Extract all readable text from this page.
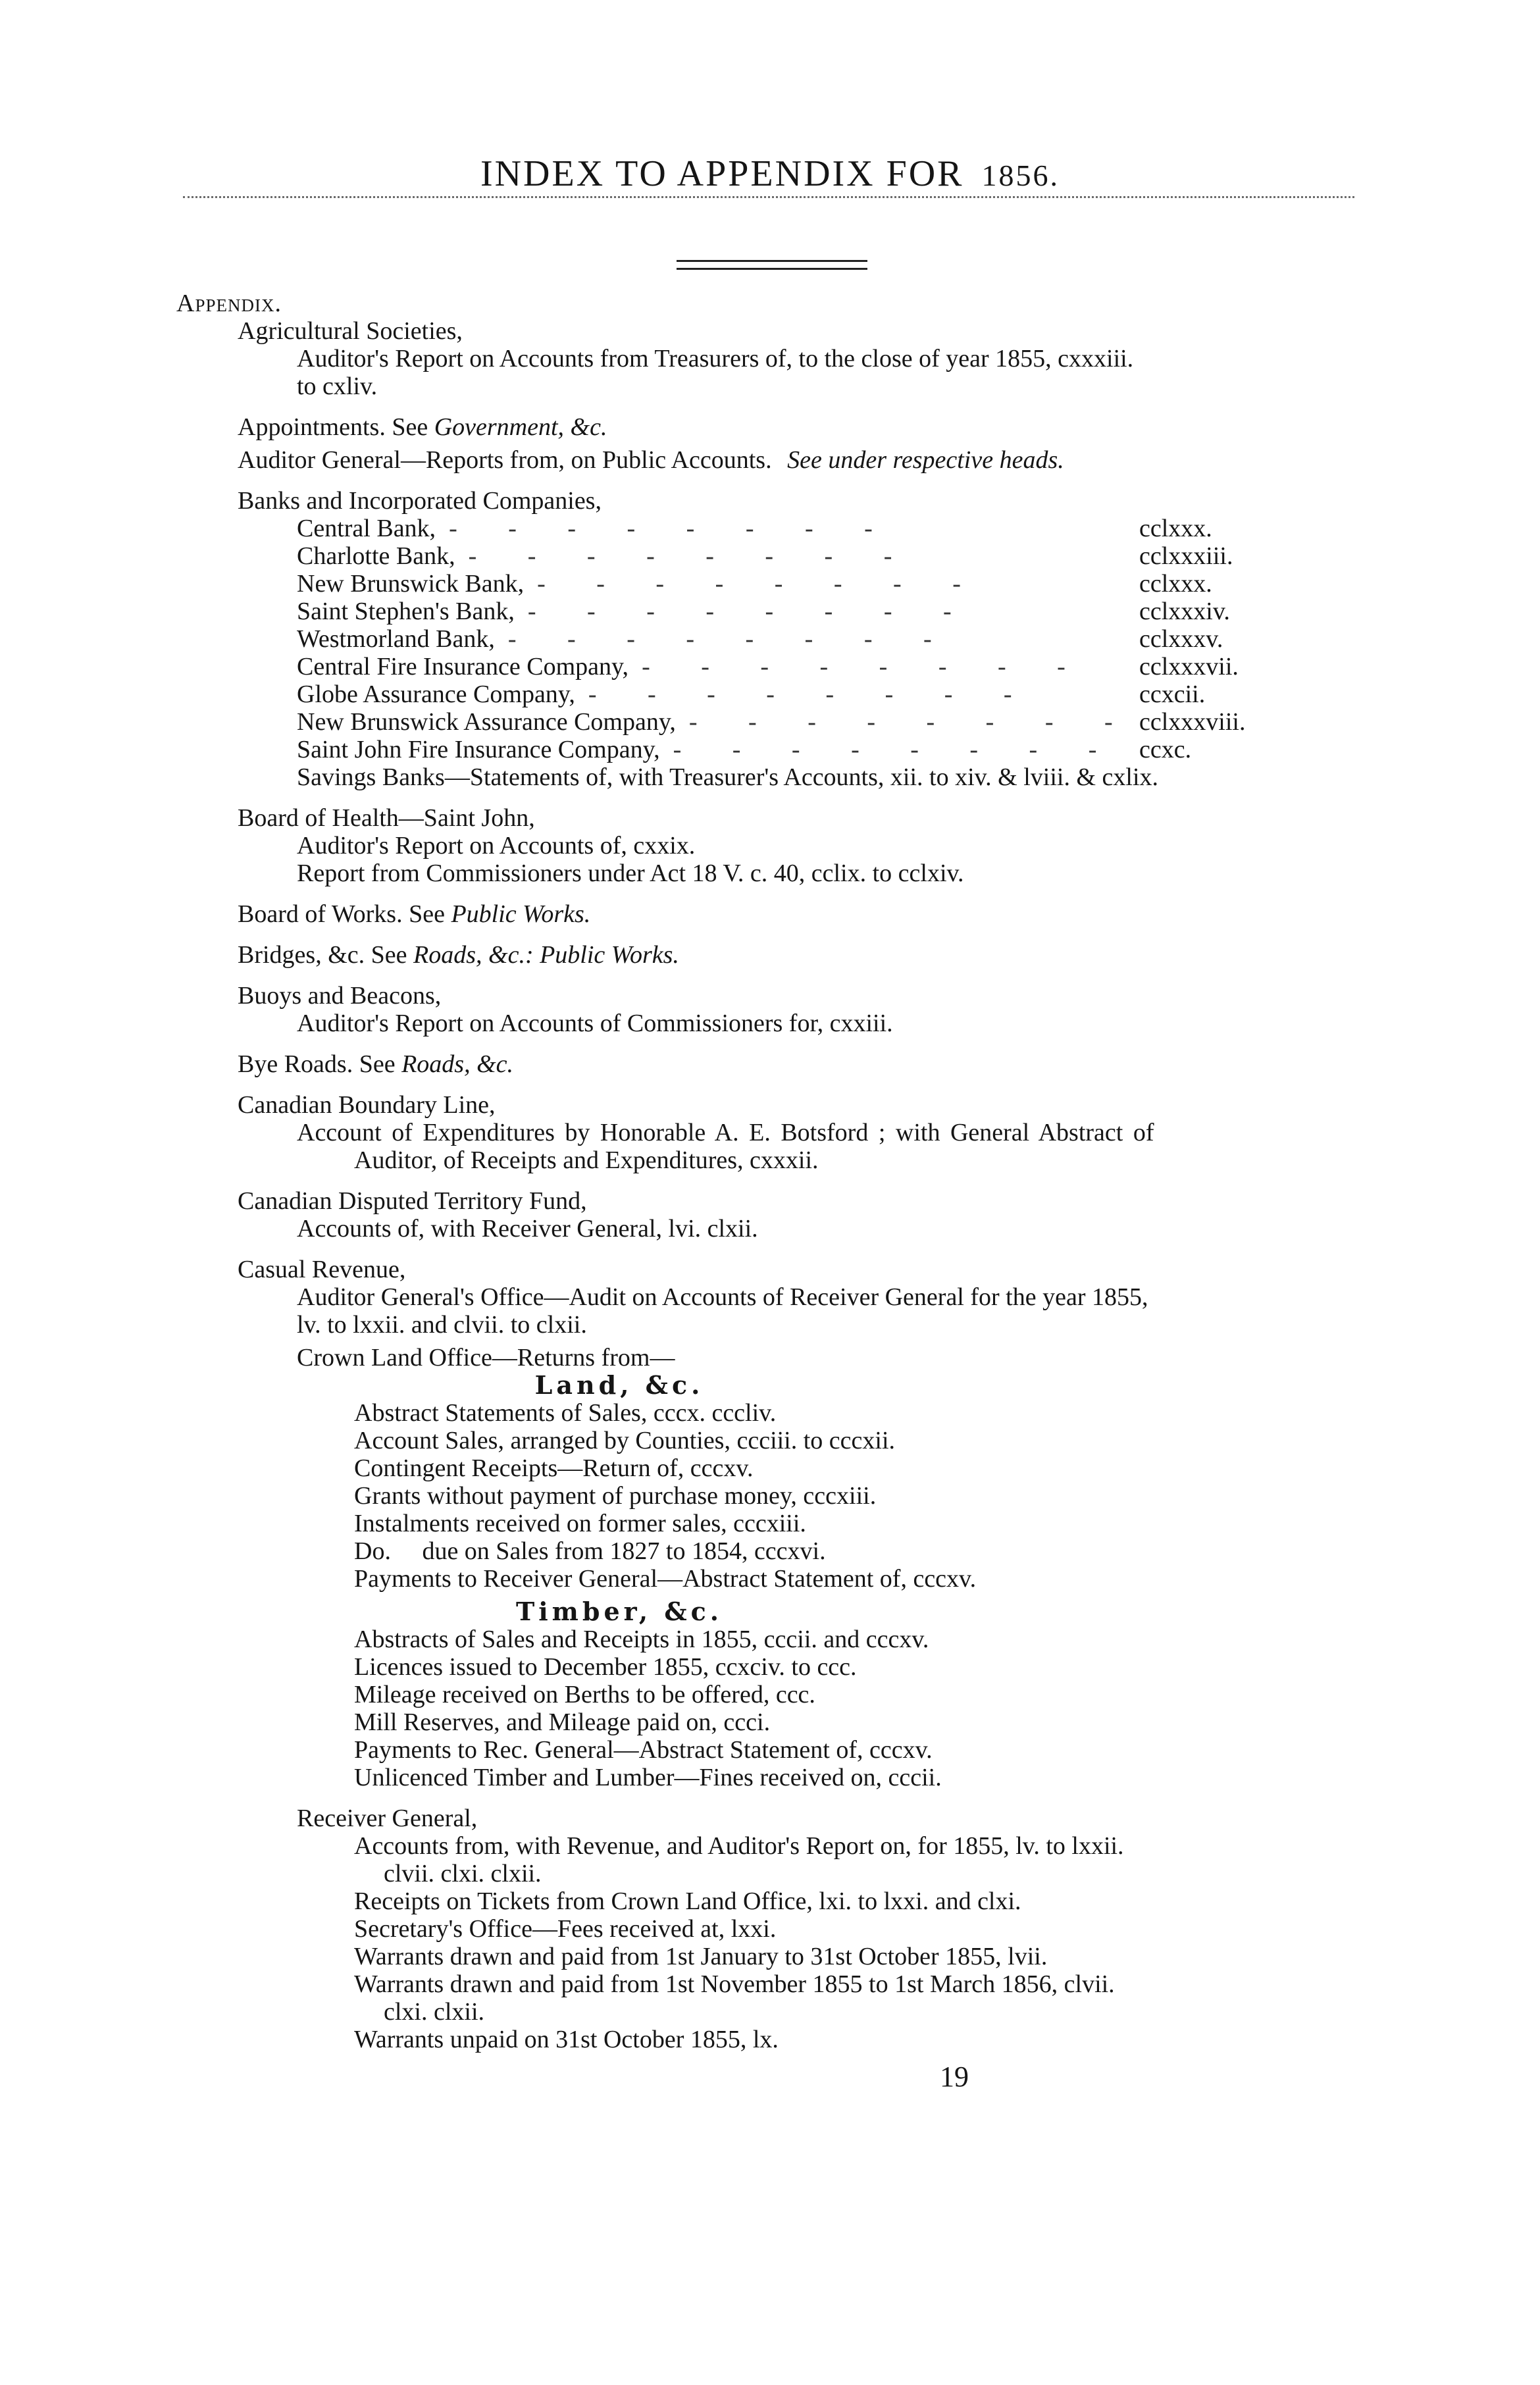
INDEX TO APPENDIX FOR 1856.
Appendix.
Agricultural Societies,
Auditor's Report on Accounts from Treasurers of, to the close of year 1855, cxxxiii.
to cxliv.
Appointments. See Government, &c.
Auditor General—Reports from, on Public Accounts. See under respective heads.
Banks and Incorporated Companies,
Central Bank, - - - - - - - -	cclxxx.
Charlotte Bank, - - - - - - - -	cclxxxiii.
New Brunswick Bank, - - - - - - - -	cclxxx.
Saint Stephen's Bank, - - - - - - - -	cclxxxiv.
Westmorland Bank, - - - - - - - -	cclxxxv.
Central Fire Insurance Company, - - - - - - - -	cclxxxvii.
Globe Assurance Company, - - - - - - - -	ccxcii.
New Brunswick Assurance Company, - - - - - - - - cclxxxviii.
Saint John Fire Insurance Company, - - - - - - - - ccxc.
Savings Banks—Statements of, with Treasurer's Accounts, xii. to xiv. & lviii. & cxlix.
Board of Health—Saint John,
Auditor's Report on Accounts of, cxxix.
Report from Commissioners under Act 18 V. c. 40, cclix. to cclxiv.
Board of Works. See Public Works.
Bridges, &c. See Roads, &c.: Public Works.
Buoys and Beacons,
Auditor's Report on Accounts of Commissioners for, cxxiii.
Bye Roads. See Roads, &c.
Canadian Boundary Line,
Account of Expenditures by Honorable A. E. Botsford ; with General Abstract of
Auditor, of Receipts and Expenditures, cxxxii.
Canadian Disputed Territory Fund,
Accounts of, with Receiver General, lvi. clxii.
Casual Revenue,
Auditor General's Office—Audit on Accounts of Receiver General for the year 1855,
lv. to lxxii. and clvii. to clxii.
Crown Land Office—Returns from—
Land, &c.
Abstract Statements of Sales, cccx. cccliv.
Account Sales, arranged by Counties, ccciii. to cccxii.
Contingent Receipts—Return of, cccxv.
Grants without payment of purchase money, cccxiii.
Instalments received on former sales, cccxiii.
Do.     due on Sales from 1827 to 1854, cccxvi.
Payments to Receiver General—Abstract Statement of, cccxv.
Timber, &c.
Abstracts of Sales and Receipts in 1855, cccii. and cccxv.
Licences issued to December 1855, ccxciv. to ccc.
Mileage received on Berths to be offered, ccc.
Mill Reserves, and Mileage paid on, ccci.
Payments to Rec. General—Abstract Statement of, cccxv.
Unlicenced Timber and Lumber—Fines received on, cccii.
Receiver General,
Accounts from, with Revenue, and Auditor's Report on, for 1855, lv. to lxxii.
clvii. clxi. clxii.
Receipts on Tickets from Crown Land Office, lxi. to lxxi. and clxi.
Secretary's Office—Fees received at, lxxi.
Warrants drawn and paid from 1st January to 31st October 1855, lvii.
Warrants drawn and paid from 1st November 1855 to 1st March 1856, clvii.
clxi. clxii.
Warrants unpaid on 31st October 1855, lx.
19
